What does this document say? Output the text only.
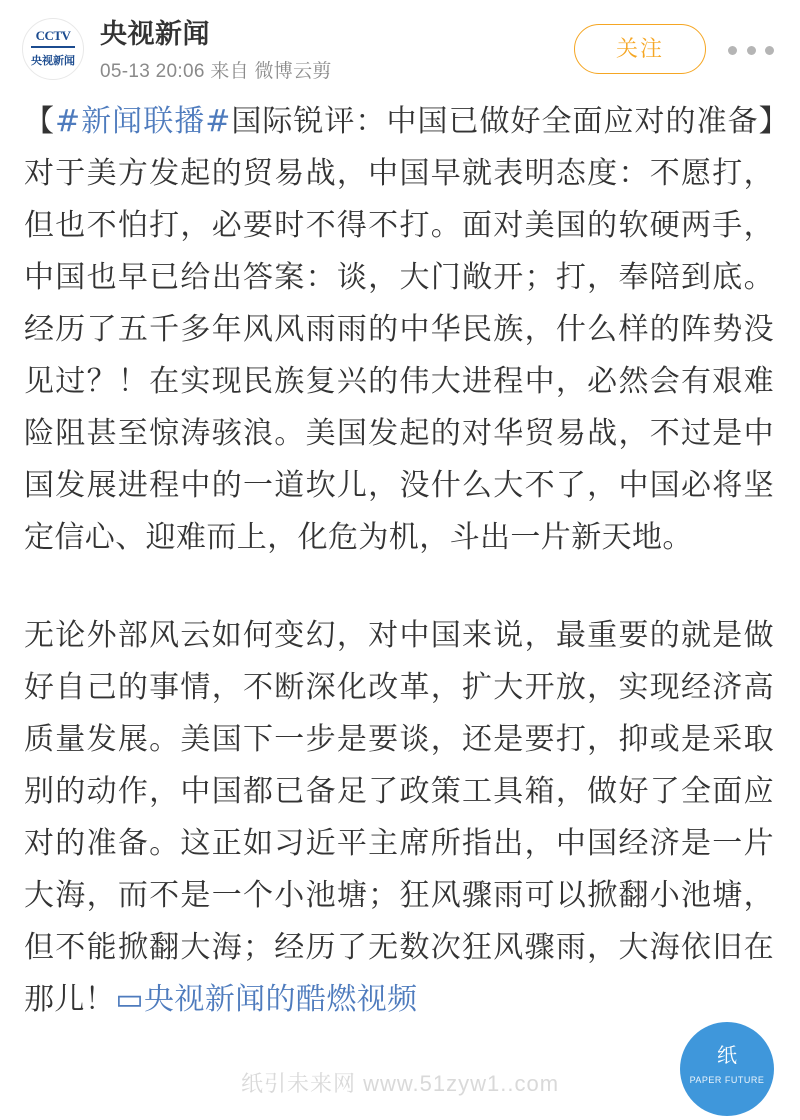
CCTV
央视新闻
央视新闻
05-13 20:06 来自 微博云剪
关注
【#新闻联播#国际锐评：中国已做好全面应对的准备】对于美方发起的贸易战，中国早就表明态度：不愿打，但也不怕打，必要时不得不打。面对美国的软硬两手，中国也早已给出答案：谈，大门敞开；打，奉陪到底。经历了五千多年风风雨雨的中华民族，什么样的阵势没见过？！在实现民族复兴的伟大进程中，必然会有艰难险阻甚至惊涛骇浪。美国发起的对华贸易战，不过是中国发展进程中的一道坎儿，没什么大不了，中国必将坚定信心、迎难而上，化危为机，斗出一片新天地。
无论外部风云如何变幻，对中国来说，最重要的就是做好自己的事情，不断深化改革，扩大开放，实现经济高质量发展。美国下一步是要谈，还是要打，抑或是采取别的动作，中国都已备足了政策工具箱，做好了全面应对的准备。这正如习近平主席所指出，中国经济是一片大海，而不是一个小池塘；狂风骤雨可以掀翻小池塘，但不能掀翻大海；经历了无数次狂风骤雨，大海依旧在那儿！▭央视新闻的酷燃视频
纸引未来网 www.51zyw1..com
纸
PAPER FUTURE
